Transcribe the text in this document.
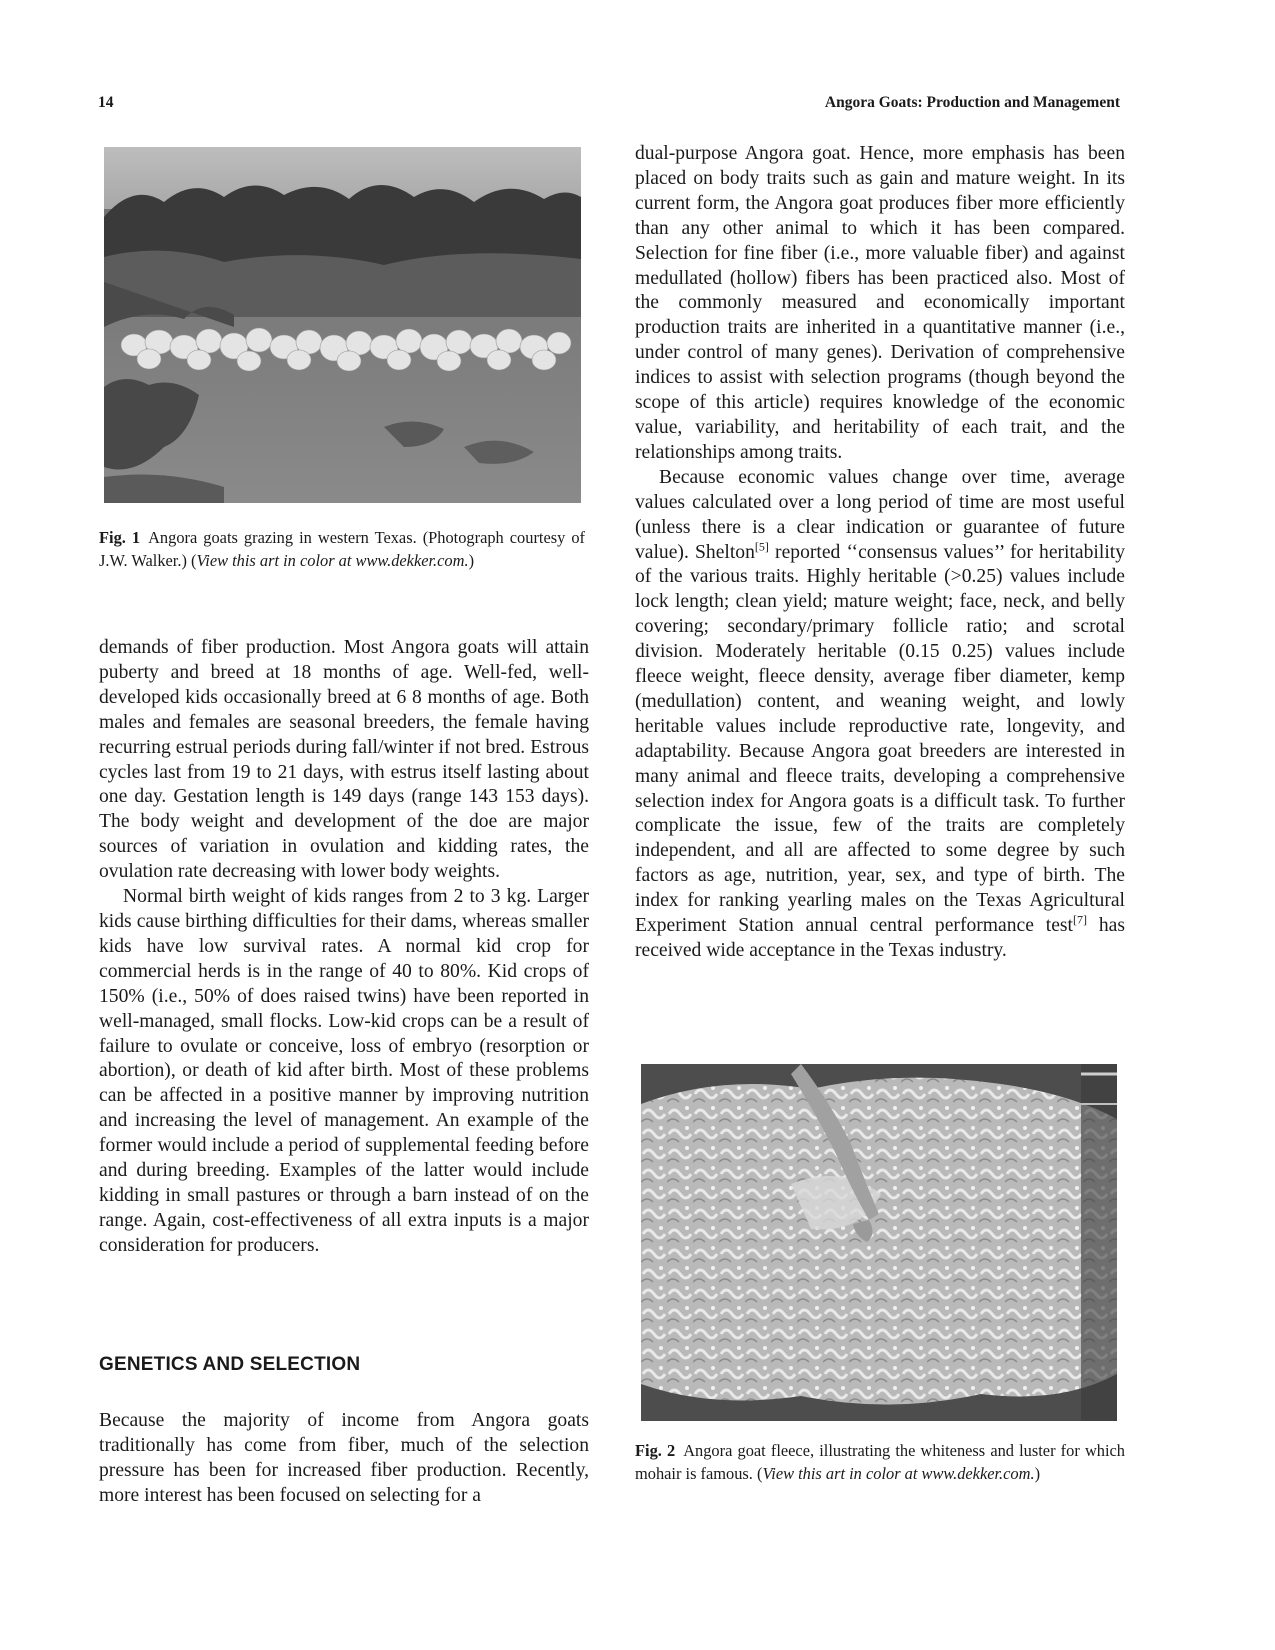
14	Angora Goats: Production and Management
Fig. 1 Angora goats grazing in western Texas. (Photograph courtesy of J.W. Walker.) (View this art in color at www.dekker.com.)

demands of fiber production. Most Angora goats will attain puberty and breed at 18 months of age. Well-fed, well-developed kids occasionally breed at 6 8 months of age. Both males and females are seasonal breeders, the female having recurring estrual periods during fall/winter if not bred. Estrous cycles last from 19 to 21 days, with estrus itself lasting about one day. Gestation length is 149 days (range 143 153 days). The body weight and development of the doe are major sources of variation in ovulation and kidding rates, the ovulation rate decreasing with lower body weights.

Normal birth weight of kids ranges from 2 to 3 kg. Larger kids cause birthing difficulties for their dams, whereas smaller kids have low survival rates. A normal kid crop for commercial herds is in the range of 40 to 80%. Kid crops of 150% (i.e., 50% of does raised twins) have been reported in well-managed, small flocks. Low-kid crops can be a result of failure to ovulate or conceive, loss of embryo (resorption or abortion), or death of kid after birth. Most of these problems can be affected in a positive manner by improving nutrition and increasing the level of management. An example of the former would include a period of supplemental feeding before and during breeding. Examples of the latter would include kidding in small pastures or through a barn instead of on the range. Again, cost-effectiveness of all extra inputs is a major consideration for producers.

GENETICS AND SELECTION

Because the majority of income from Angora goats traditionally has come from fiber, much of the selection pressure has been for increased fiber production. Recently, more interest has been focused on selecting for a

dual-purpose Angora goat. Hence, more emphasis has been placed on body traits such as gain and mature weight. In its current form, the Angora goat produces fiber more efficiently than any other animal to which it has been compared. Selection for fine fiber (i.e., more valuable fiber) and against medullated (hollow) fibers has been practiced also. Most of the commonly measured and economically important production traits are inherited in a quantitative manner (i.e., under control of many genes). Derivation of comprehensive indices to assist with selection programs (though beyond the scope of this article) requires knowledge of the economic value, variability, and heritability of each trait, and the relationships among traits.

Because economic values change over time, average values calculated over a long period of time are most useful (unless there is a clear indication or guarantee of future value). Shelton[5] reported ‘‘consensus values’’ for heritability of the various traits. Highly heritable (>0.25) values include lock length; clean yield; mature weight; face, neck, and belly covering; secondary/primary follicle ratio; and scrotal division. Moderately heritable (0.15 0.25) values include fleece weight, fleece density, average fiber diameter, kemp (medullation) content, and weaning weight, and lowly heritable values include reproductive rate, longevity, and adaptability. Because Angora goat breeders are interested in many animal and fleece traits, developing a comprehensive selection index for Angora goats is a difficult task. To further complicate the issue, few of the traits are completely independent, and all are affected to some degree by such factors as age, nutrition, year, sex, and type of birth. The index for ranking yearling males on the Texas Agricultural Experiment Station annual central performance test[7] has received wide acceptance in the Texas industry.

Fig. 2 Angora goat fleece, illustrating the whiteness and luster for which mohair is famous. (View this art in color at www.dekker.com.)
